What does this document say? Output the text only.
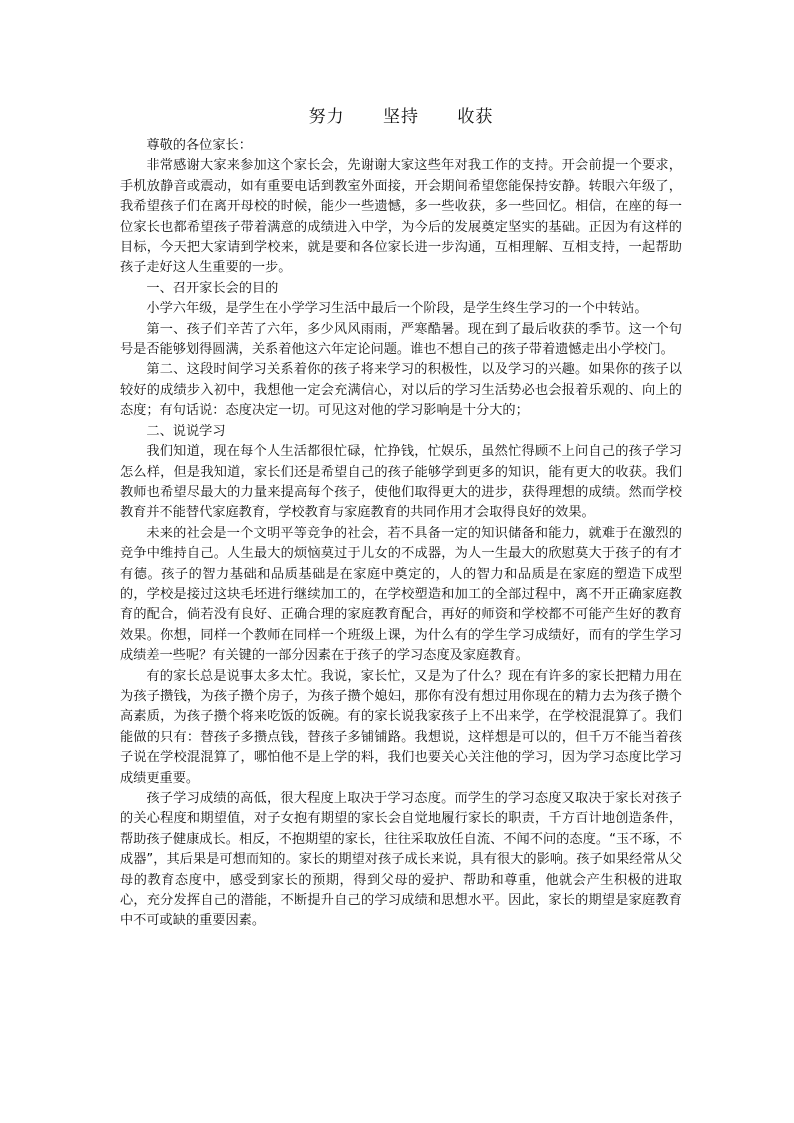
努力 坚持 收获

尊敬的各位家长：

非常感谢大家来参加这个家长会，先谢谢大家这些年对我工作的支持。开会前提一个要求，手机放静音或震动，如有重要电话到教室外面接，开会期间希望您能保持安静。转眼六年级了，我希望孩子们在离开母校的时候，能少一些遗憾，多一些收获，多一些回忆。相信，在座的每一位家长也都希望孩子带着满意的成绩进入中学，为今后的发展奠定坚实的基础。正因为有这样的目标，今天把大家请到学校来，就是要和各位家长进一步沟通，互相理解、互相支持，一起帮助孩子走好这人生重要的一步。

一、召开家长会的目的

小学六年级，是学生在小学学习生活中最后一个阶段，是学生终生学习的一个中转站。

第一、孩子们辛苦了六年，多少风风雨雨，严寒酷暑。现在到了最后收获的季节。这一个句号是否能够划得圆满，关系着他这六年定论问题。谁也不想自己的孩子带着遗憾走出小学校门。

第二、这段时间学习关系着你的孩子将来学习的积极性，以及学习的兴趣。如果你的孩子以较好的成绩步入初中，我想他一定会充满信心，对以后的学习生活势必也会报着乐观的、向上的态度；有句话说：态度决定一切。可见这对他的学习影响是十分大的；

二、说说学习

我们知道，现在每个人生活都很忙碌，忙挣钱，忙娱乐，虽然忙得顾不上问自己的孩子学习怎么样，但是我知道，家长们还是希望自己的孩子能够学到更多的知识，能有更大的收获。我们教师也希望尽最大的力量来提高每个孩子，使他们取得更大的进步，获得理想的成绩。然而学校教育并不能替代家庭教育，学校教育与家庭教育的共同作用才会取得良好的效果。

未来的社会是一个文明平等竞争的社会，若不具备一定的知识储备和能力，就难于在激烈的竞争中维持自己。人生最大的烦恼莫过于儿女的不成器，为人一生最大的欣慰莫大于孩子的有才有德。孩子的智力基础和品质基础是在家庭中奠定的，人的智力和品质是在家庭的塑造下成型的，学校是接过这块毛坯进行继续加工的，在学校塑造和加工的全部过程中，离不开正确家庭教育的配合，倘若没有良好、正确合理的家庭教育配合，再好的师资和学校都不可能产生好的教育效果。你想，同样一个教师在同样一个班级上课，为什么有的学生学习成绩好，而有的学生学习成绩差一些呢？有关键的一部分因素在于孩子的学习态度及家庭教育。

有的家长总是说事太多太忙。我说，家长忙，又是为了什么？现在有许多的家长把精力用在为孩子攒钱，为孩子攒个房子，为孩子攒个媳妇，那你有没有想过用你现在的精力去为孩子攒个高素质，为孩子攒个将来吃饭的饭碗。有的家长说我家孩子上不出来学，在学校混混算了。我们能做的只有：替孩子多攒点钱，替孩子多铺铺路。我想说，这样想是可以的，但千万不能当着孩子说在学校混混算了，哪怕他不是上学的料，我们也要关心关注他的学习，因为学习态度比学习成绩更重要。

孩子学习成绩的高低，很大程度上取决于学习态度。而学生的学习态度又取决于家长对孩子的关心程度和期望值，对子女抱有期望的家长会自觉地履行家长的职责，千方百计地创造条件，帮助孩子健康成长。相反，不抱期望的家长，往往采取放任自流、不闻不问的态度。“玉不琢，不成器”，其后果是可想而知的。家长的期望对孩子成长来说，具有很大的影响。孩子如果经常从父母的教育态度中，感受到家长的预期，得到父母的爱护、帮助和尊重，他就会产生积极的进取心，充分发挥自己的潜能，不断提升自己的学习成绩和思想水平。因此，家长的期望是家庭教育中不可或缺的重要因素。
